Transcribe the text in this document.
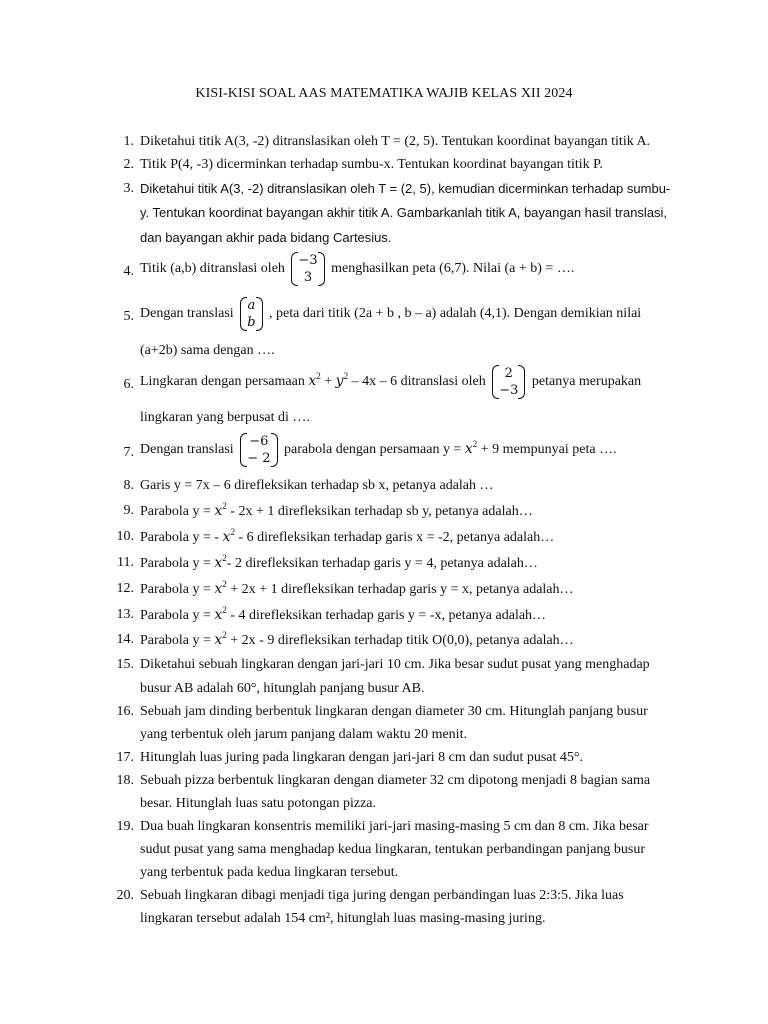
KISI-KISI SOAL AAS MATEMATIKA WAJIB KELAS XII 2024
1. Diketahui titik A(3, -2) ditranslasikan oleh T = (2, 5). Tentukan koordinat bayangan titik A.
2. Titik P(4, -3) dicerminkan terhadap sumbu-x. Tentukan koordinat bayangan titik P.
3. Diketahui titik A(3, -2) ditranslasikan oleh T = (2, 5), kemudian dicerminkan terhadap sumbu-
y. Tentukan koordinat bayangan akhir titik A. Gambarkanlah titik A, bayangan hasil translasi,
dan bayangan akhir pada bidang Cartesius.
4. Titik (a,b) ditranslasi oleh
−3
3
menghasilkan peta (6,7). Nilai (a + b) = ….
5. Dengan translasi
a
b
, peta dari titik (2a + b , b – a) adalah (4,1). Dengan demikian nilai
(a+2b) sama dengan ….
6. Lingkaran dengan persamaan $x^2 + y^2 - 4x - 6$ ditranslasi oleh
2
−3
petanya merupakan
lingkaran yang berpusat di ….
7. Dengan translasi
−6
− 2
parabola dengan persamaan $y = x^2 + 9$ mempunyai peta ….
8. Garis y = 7x – 6 direfleksikan terhadap sb x, petanya adalah …
9. Parabola $y = x^2 - 2x + 1$ direfleksikan terhadap sb y, petanya adalah…
10. Parabola y = - $x^2 - 6$ direfleksikan terhadap garis x = -2, petanya adalah…
11. Parabola $y = x^2-$ 2 direfleksikan terhadap garis y = 4, petanya adalah…
12. Parabola $y = x^2 + 2x + 1$ direfleksikan terhadap garis y = x, petanya adalah…
13. Parabola $y = x^2 - 4$ direfleksikan terhadap garis y = -x, petanya adalah…
14. Parabola $y = x^2 + 2x - 9$ direfleksikan terhadap titik O(0,0), petanya adalah…
15. Diketahui sebuah lingkaran dengan jari-jari 10 cm. Jika besar sudut pusat yang menghadap
busur AB adalah 60°, hitunglah panjang busur AB.
16. Sebuah jam dinding berbentuk lingkaran dengan diameter 30 cm. Hitunglah panjang busur
yang terbentuk oleh jarum panjang dalam waktu 20 menit.
17. Hitunglah luas juring pada lingkaran dengan jari-jari 8 cm dan sudut pusat 45°.
18. Sebuah pizza berbentuk lingkaran dengan diameter 32 cm dipotong menjadi 8 bagian sama
besar. Hitunglah luas satu potongan pizza.
19. Dua buah lingkaran konsentris memiliki jari-jari masing-masing 5 cm dan 8 cm. Jika besar
sudut pusat yang sama menghadap kedua lingkaran, tentukan perbandingan panjang busur
yang terbentuk pada kedua lingkaran tersebut.
20. Sebuah lingkaran dibagi menjadi tiga juring dengan perbandingan luas 2:3:5. Jika luas
lingkaran tersebut adalah 154 cm², hitunglah luas masing-masing juring.
